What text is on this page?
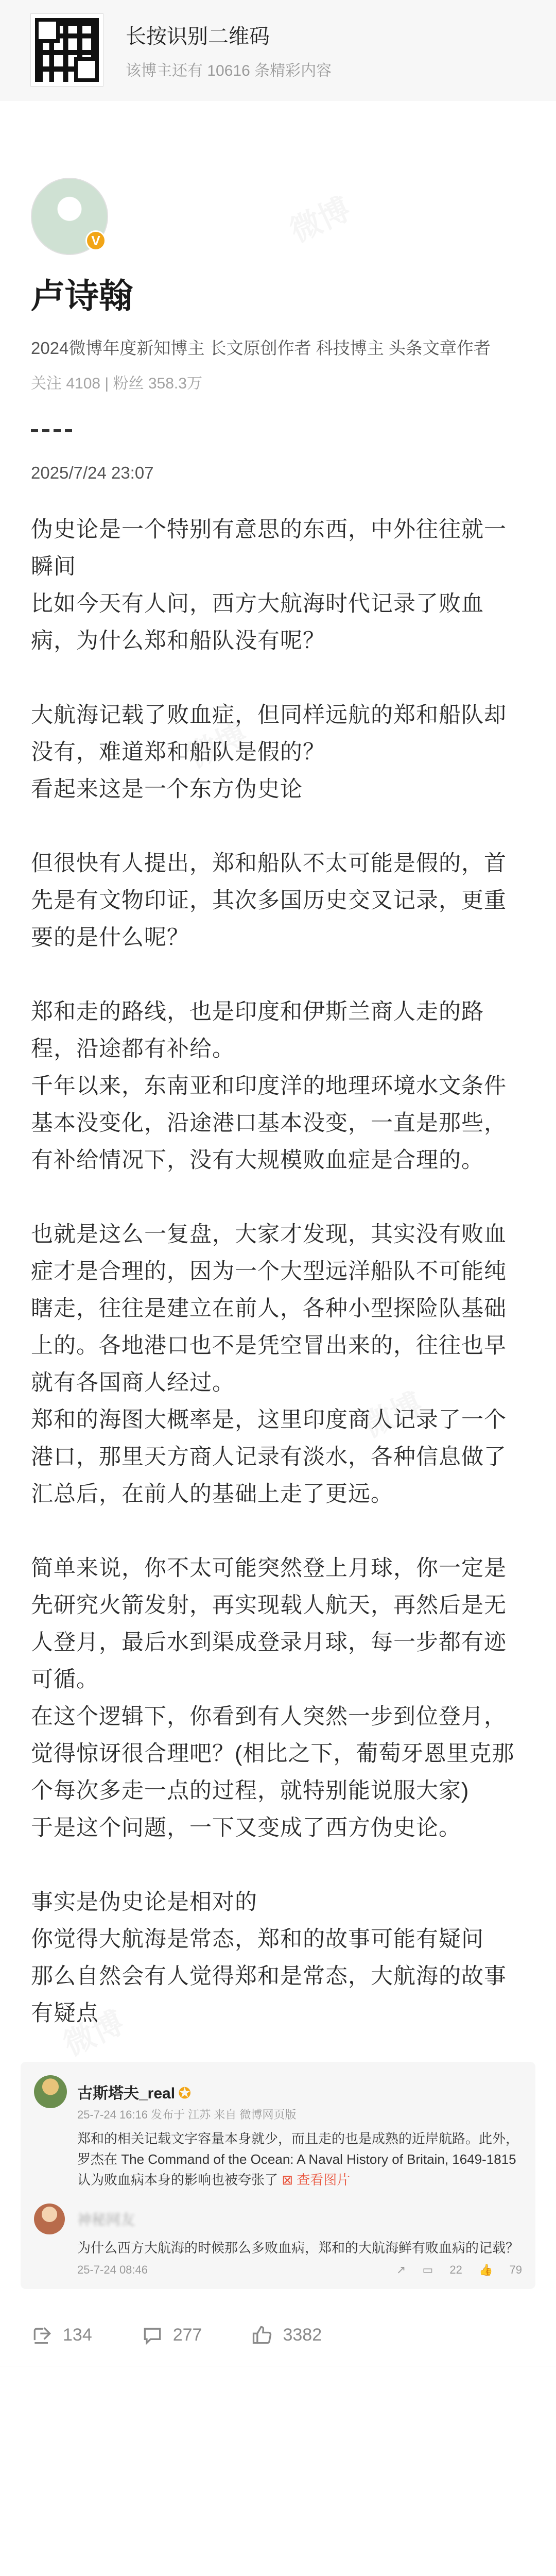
长按识别二维码
该博主还有 10616 条精彩内容
V
卢诗翰
2024微博年度新知博主 长文原创作者 科技博主 头条文章作者
关注 4108 | 粉丝 358.3万
2025/7/24 23:07
伪史论是一个特别有意思的东西，中外往往就一瞬间
比如今天有人问，西方大航海时代记录了败血病，为什么郑和船队没有呢？
大航海记载了败血症，但同样远航的郑和船队却没有，难道郑和船队是假的？
看起来这是一个东方伪史论
但很快有人提出，郑和船队不太可能是假的，首先是有文物印证，其次多国历史交叉记录，更重要的是什么呢？
郑和走的路线，也是印度和伊斯兰商人走的路程，沿途都有补给。
千年以来，东南亚和印度洋的地理环境水文条件基本没变化，沿途港口基本没变，一直是那些，有补给情况下，没有大规模败血症是合理的。
也就是这么一复盘，大家才发现，其实没有败血症才是合理的，因为一个大型远洋船队不可能纯瞎走，往往是建立在前人，各种小型探险队基础上的。各地港口也不是凭空冒出来的，往往也早就有各国商人经过。
郑和的海图大概率是，这里印度商人记录了一个港口，那里天方商人记录有淡水，各种信息做了汇总后，在前人的基础上走了更远。
简单来说，你不太可能突然登上月球，你一定是先研究火箭发射，再实现载人航天，再然后是无人登月，最后水到渠成登录月球，每一步都有迹可循。
在这个逻辑下，你看到有人突然一步到位登月，觉得惊讶很合理吧？(相比之下，葡萄牙恩里克那个每次多走一点的过程，就特别能说服大家)
于是这个问题，一下又变成了西方伪史论。
事实是伪史论是相对的
你觉得大航海是常态，郑和的故事可能有疑问
那么自然会有人觉得郑和是常态，大航海的故事有疑点
古斯塔夫_real ✪
25-7-24 16:16 发布于 江苏 来自 微博网页版
郑和的相关记载文字容量本身就少，而且走的也是成熟的近岸航路。此外，罗杰在 The Command of the Ocean: A Naval History of Britain, 1649-1815认为败血病本身的影响也被夸张了 ⊠ 查看图片
神秘网友
为什么西方大航海的时候那么多败血病，郑和的大航海鲜有败血病的记载？
25-7-24 08:46	↗ ▭ 22 👍 79
134	277	3382
